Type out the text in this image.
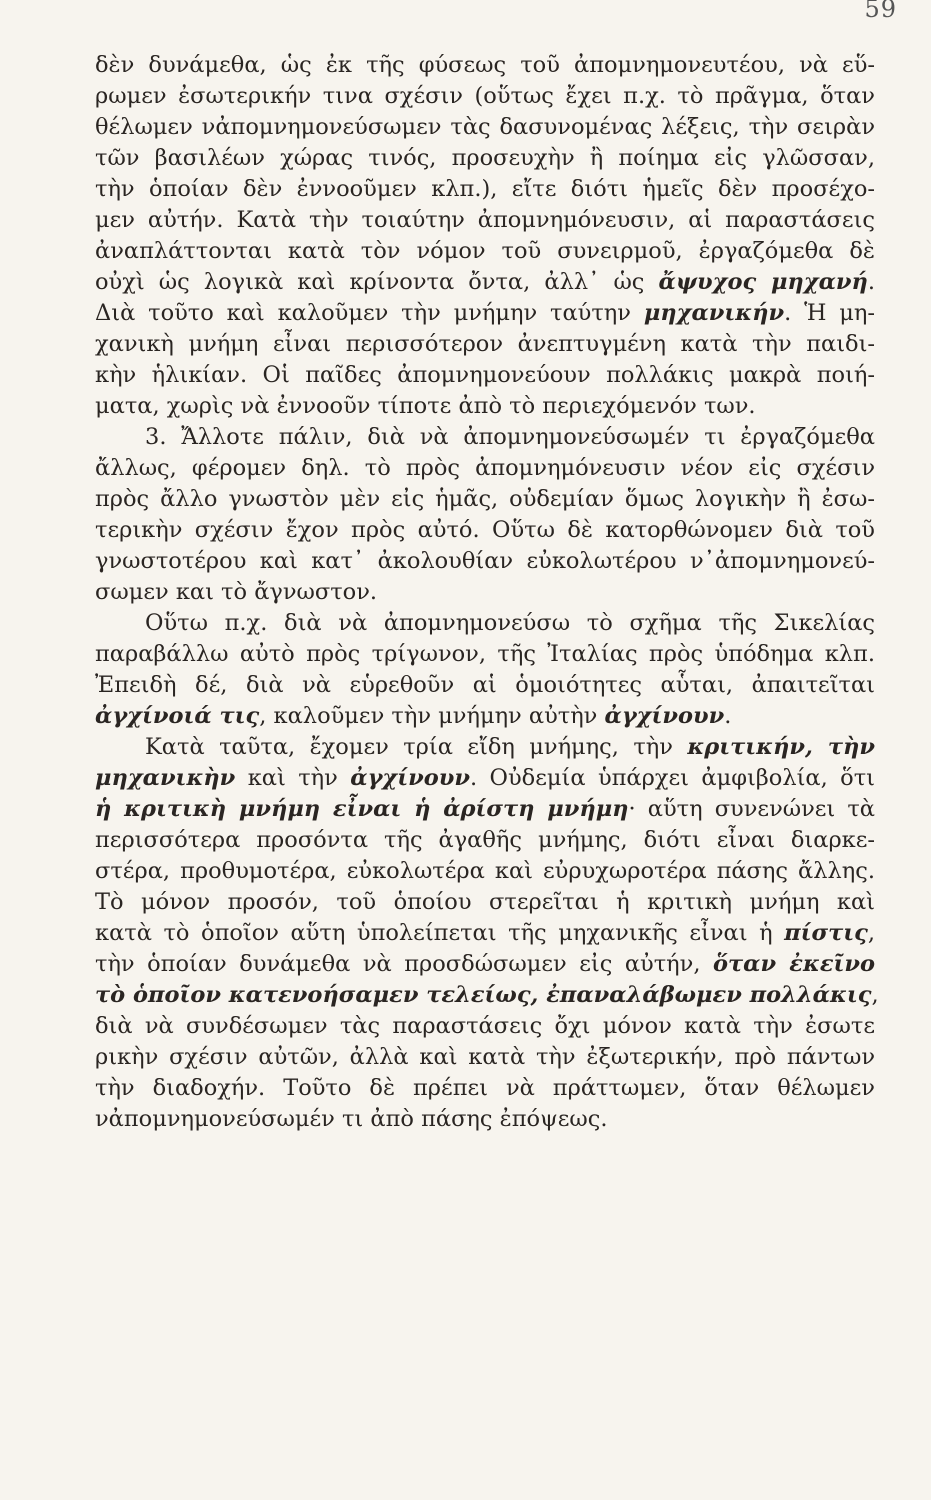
59
δὲν δυνάμεθα, ὡς ἐκ τῆς φύσεως τοῦ ἀπομνημονευτέου, νὰ εὕ-
ρωμεν ἐσωτερικήν τινα σχέσιν (οὕτως ἔχει π.χ. τὸ πρᾶγμα, ὅταν
θέλωμεν νἀπομνημονεύσωμεν τὰς δασυνομένας λέξεις, τὴν σειρὰν
τῶν βασιλέων χώρας τινός, προσευχὴν ἢ ποίημα εἰς γλῶσσαν,
τὴν ὁποίαν δὲν ἐννοοῦμεν κλπ.), εἴτε διότι ἡμεῖς δὲν προσέχο-
μεν αὐτήν. Κατὰ τὴν τοιαύτην ἀπομνημόνευσιν, αἱ παραστάσεις
ἀναπλάττονται κατὰ τὸν νόμον τοῦ συνειρμοῦ, ἐργαζόμεθα δὲ
οὐχὶ ὡς λογικὰ καὶ κρίνοντα ὄντα, ἀλλ᾽ ὡς ἄψυχος μηχανή.
Διὰ τοῦτο καὶ καλοῦμεν τὴν μνήμην ταύτην μηχανικήν. Ἡ μη-
χανικὴ μνήμη εἶναι περισσότερον ἀνεπτυγμένη κατὰ τὴν παιδι-
κὴν ἡλικίαν. Οἱ παῖδες ἀπομνημονεύουν πολλάκις μακρὰ ποιή-
ματα, χωρὶς νὰ ἐννοοῦν τίποτε ἀπὸ τὸ περιεχόμενόν των.
3. Ἄλλοτε πάλιν, διὰ νὰ ἀπομνημονεύσωμέν τι ἐργαζόμεθα
ἄλλως, φέρομεν δηλ. τὸ πρὸς ἀπομνημόνευσιν νέον εἰς σχέσιν
πρὸς ἄλλο γνωστὸν μὲν εἰς ἡμᾶς, οὐδεμίαν ὅμως λογικὴν ἢ ἐσω-
τερικὴν σχέσιν ἔχον πρὸς αὐτό. Οὕτω δὲ κατορθώνομεν διὰ τοῦ
γνωστοτέρου καὶ κατ᾽ ἀκολουθίαν εὐκολωτέρου ν᾽ἀπομνημονεύ-
σωμεν και τὸ ἄγνωστον.
Οὕτω π.χ. διὰ νὰ ἀπομνημονεύσω τὸ σχῆμα τῆς Σικελίας
παραβάλλω αὐτὸ πρὸς τρίγωνον, τῆς Ἰταλίας πρὸς ὑπόδημα κλπ.
Ἐπειδὴ δέ, διὰ νὰ εὑρεθοῦν αἱ ὁμοιότητες αὗται, ἀπαιτεῖται
ἀγχίνοιά τις, καλοῦμεν τὴν μνήμην αὐτὴν ἀγχίνουν.
Κατὰ ταῦτα, ἔχομεν τρία εἴδη μνήμης, τὴν κριτικήν, τὴν
μηχανικὴν καὶ τὴν ἀγχίνουν. Οὐδεμία ὑπάρχει ἀμφιβολία, ὅτι
ἡ κριτικὴ μνήμη εἶναι ἡ ἀρίστη μνήμη· αὕτη συνενώνει τὰ
περισσότερα προσόντα τῆς ἀγαθῆς μνήμης, διότι εἶναι διαρκε-
στέρα, προθυμοτέρα, εὐκολωτέρα καὶ εὐρυχωροτέρα πάσης ἄλλης.
Τὸ μόνον προσόν, τοῦ ὁποίου στερεῖται ἡ κριτικὴ μνήμη καὶ
κατὰ τὸ ὁποῖον αὕτη ὑπολείπεται τῆς μηχανικῆς εἶναι ἡ πίστις,
τὴν ὁποίαν δυνάμεθα νὰ προσδώσωμεν εἰς αὐτήν, ὅταν ἐκεῖνο
τὸ ὁποῖον κατενοήσαμεν τελείως, ἐπαναλάβωμεν πολλάκις,
διὰ νὰ συνδέσωμεν τὰς παραστάσεις ὄχι μόνον κατὰ τὴν ἐσωτε
ρικὴν σχέσιν αὐτῶν, ἀλλὰ καὶ κατὰ τὴν ἐξωτερικήν, πρὸ πάντων
τὴν διαδοχήν. Τοῦτο δὲ πρέπει νὰ πράττωμεν, ὅταν θέλωμεν
νἀπομνημονεύσωμέν τι ἀπὸ πάσης ἐπόψεως.
